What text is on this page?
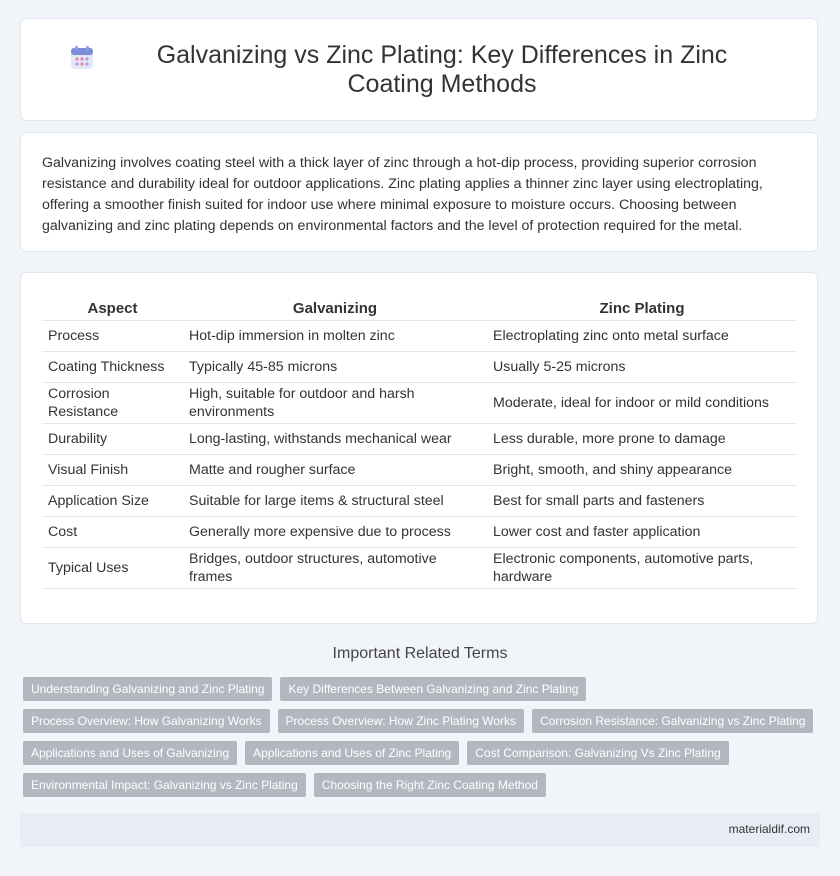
Galvanizing vs Zinc Plating: Key Differences in Zinc Coating Methods

Galvanizing involves coating steel with a thick layer of zinc through a hot-dip process, providing superior corrosion resistance and durability ideal for outdoor applications. Zinc plating applies a thinner zinc layer using electroplating, offering a smoother finish suited for indoor use where minimal exposure to moisture occurs. Choosing between galvanizing and zinc plating depends on environmental factors and the level of protection required for the metal.

Aspect	Galvanizing	Zinc Plating
Process	Hot-dip immersion in molten zinc	Electroplating zinc onto metal surface
Coating Thickness	Typically 45-85 microns	Usually 5-25 microns
Corrosion Resistance	High, suitable for outdoor and harsh environments	Moderate, ideal for indoor or mild conditions
Durability	Long-lasting, withstands mechanical wear	Less durable, more prone to damage
Visual Finish	Matte and rougher surface	Bright, smooth, and shiny appearance
Application Size	Suitable for large items & structural steel	Best for small parts and fasteners
Cost	Generally more expensive due to process	Lower cost and faster application
Typical Uses	Bridges, outdoor structures, automotive frames	Electronic components, automotive parts, hardware
Important Related Terms
Understanding Galvanizing and Zinc Plating	Key Differences Between Galvanizing and Zinc Plating
Process Overview: How Galvanizing Works	Process Overview: How Zinc Plating Works	Corrosion Resistance: Galvanizing vs Zinc Plating
Applications and Uses of Galvanizing	Applications and Uses of Zinc Plating	Cost Comparison: Galvanizing Vs Zinc Plating
Environmental Impact: Galvanizing vs Zinc Plating	Choosing the Right Zinc Coating Method
materialdif.com
